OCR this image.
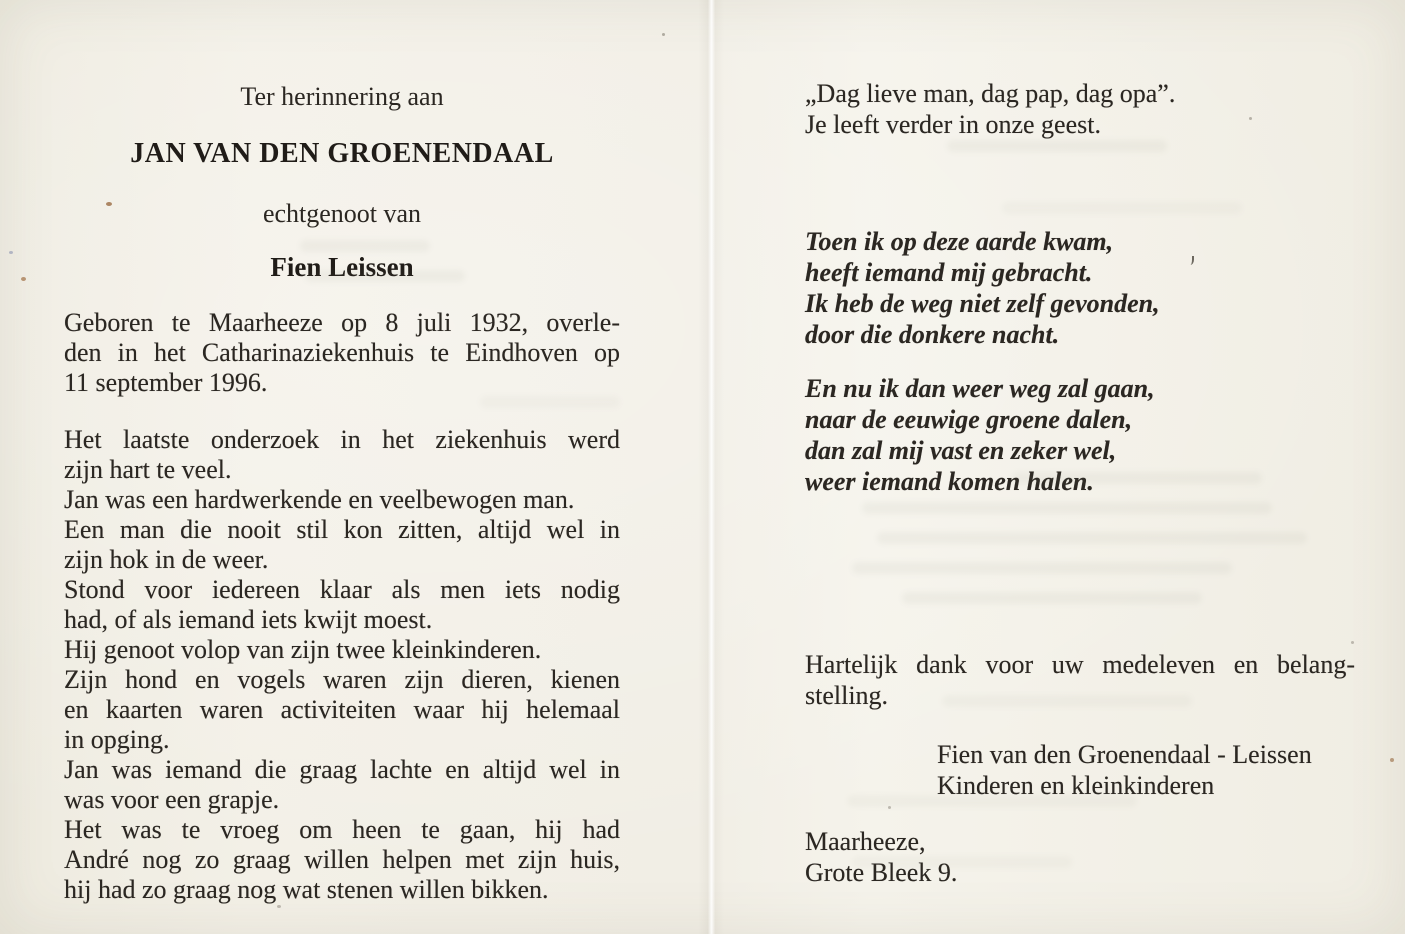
Ter herinnering aan
JAN VAN DEN GROENENDAAL
echtgenoot van
Fien Leissen
Geboren te Maarheeze op 8 juli 1932, overle-
den in het Catharinaziekenhuis te Eindhoven op
11 september 1996.
Het laatste onderzoek in het ziekenhuis werd
zijn hart te veel.
Jan was een hardwerkende en veelbewogen man.
Een man die nooit stil kon zitten, altijd wel in
zijn hok in de weer.
Stond voor iedereen klaar als men iets nodig
had, of als iemand iets kwijt moest.
Hij genoot volop van zijn twee kleinkinderen.
Zijn hond en vogels waren zijn dieren, kienen
en kaarten waren activiteiten waar hij helemaal
in opging.
Jan was iemand die graag lachte en altijd wel in
was voor een grapje.
Het was te vroeg om heen te gaan, hij had
André nog zo graag willen helpen met zijn huis,
hij had zo graag nog wat stenen willen bikken.
„Dag lieve man, dag pap, dag opa”.
Je leeft verder in onze geest.
Toen ik op deze aarde kwam,
heeft iemand mij gebracht.
Ik heb de weg niet zelf gevonden,
door die donkere nacht.
En nu ik dan weer weg zal gaan,
naar de eeuwige groene dalen,
dan zal mij vast en zeker wel,
weer iemand komen halen.
Hartelijk dank voor uw medeleven en belang-
stelling.
Fien van den Groenendaal - Leissen
Kinderen en kleinkinderen
Maarheeze,
Grote Bleek 9.
